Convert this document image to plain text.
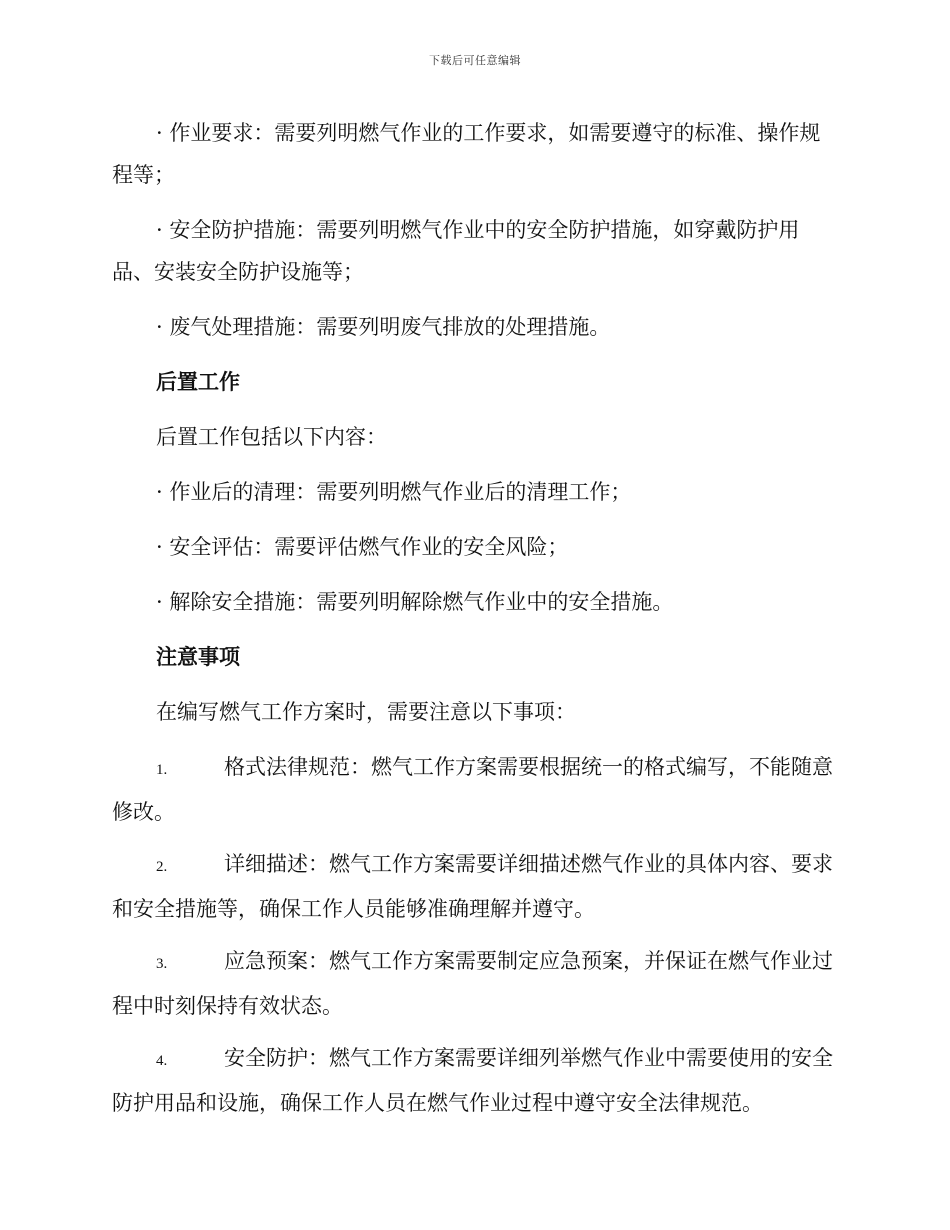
下载后可任意编辑

· 作业要求：需要列明燃气作业的工作要求，如需要遵守的标准、操作规程等；

· 安全防护措施：需要列明燃气作业中的安全防护措施，如穿戴防护用品、安装安全防护设施等；

· 废气处理措施：需要列明废气排放的处理措施。

后置工作

后置工作包括以下内容：

· 作业后的清理：需要列明燃气作业后的清理工作；

· 安全评估：需要评估燃气作业的安全风险；

· 解除安全措施：需要列明解除燃气作业中的安全措施。

注意事项

在编写燃气工作方案时，需要注意以下事项：

1.	格式法律规范：燃气工作方案需要根据统一的格式编写，不能随意修改。

2.	详细描述：燃气工作方案需要详细描述燃气作业的具体内容、要求和安全措施等，确保工作人员能够准确理解并遵守。

3.	应急预案：燃气工作方案需要制定应急预案，并保证在燃气作业过程中时刻保持有效状态。

4.	安全防护：燃气工作方案需要详细列举燃气作业中需要使用的安全防护用品和设施，确保工作人员在燃气作业过程中遵守安全法律规范。
